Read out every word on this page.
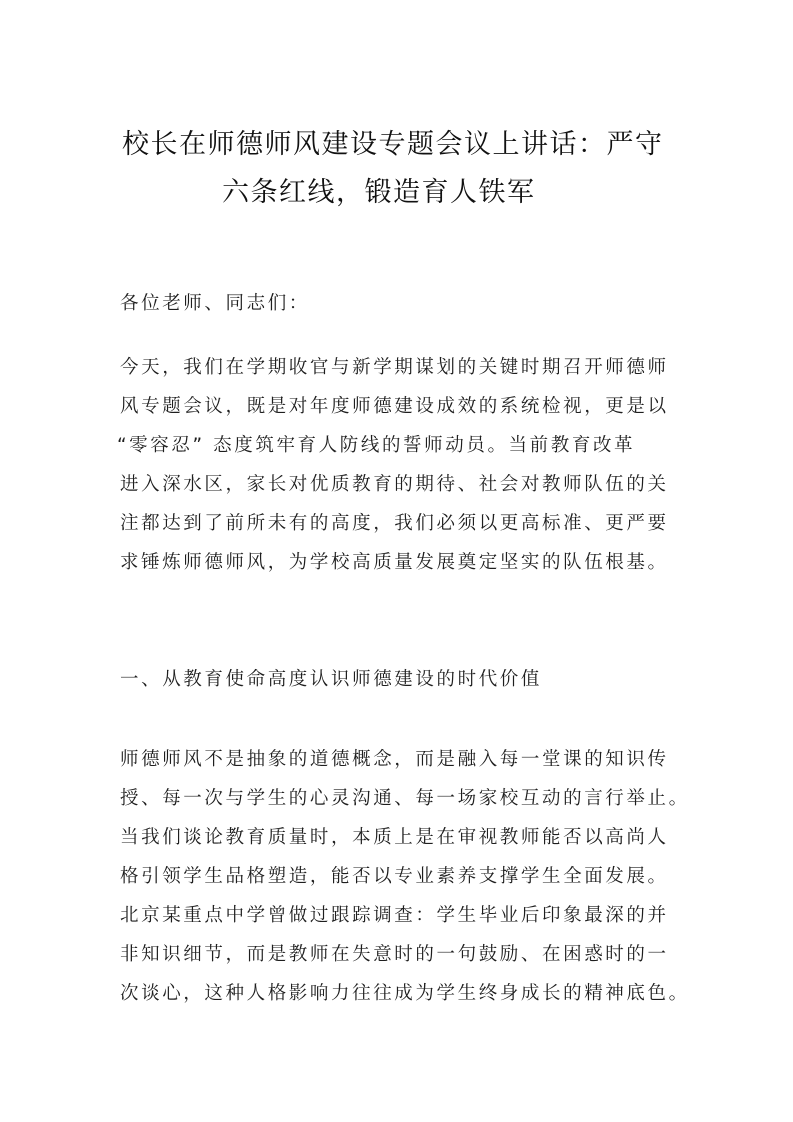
校长在师德师风建设专题会议上讲话：严守
六条红线，锻造育人铁军

各位老师、同志们：

今天，我们在学期收官与新学期谋划的关键时期召开师德师

风专题会议，既是对年度师德建设成效的系统检视，更是以

“零容忍” 态度筑牢育人防线的誓师动员。当前教育改革

进入深水区，家长对优质教育的期待、社会对教师队伍的关

注都达到了前所未有的高度，我们必须以更高标准、更严要

求锤炼师德师风，为学校高质量发展奠定坚实的队伍根基。

一、从教育使命高度认识师德建设的时代价值

师德师风不是抽象的道德概念，而是融入每一堂课的知识传

授、每一次与学生的心灵沟通、每一场家校互动的言行举止。

当我们谈论教育质量时，本质上是在审视教师能否以高尚人

格引领学生品格塑造，能否以专业素养支撑学生全面发展。

北京某重点中学曾做过跟踪调查：学生毕业后印象最深的并

非知识细节，而是教师在失意时的一句鼓励、在困惑时的一

次谈心，这种人格影响力往往成为学生终身成长的精神底色。
